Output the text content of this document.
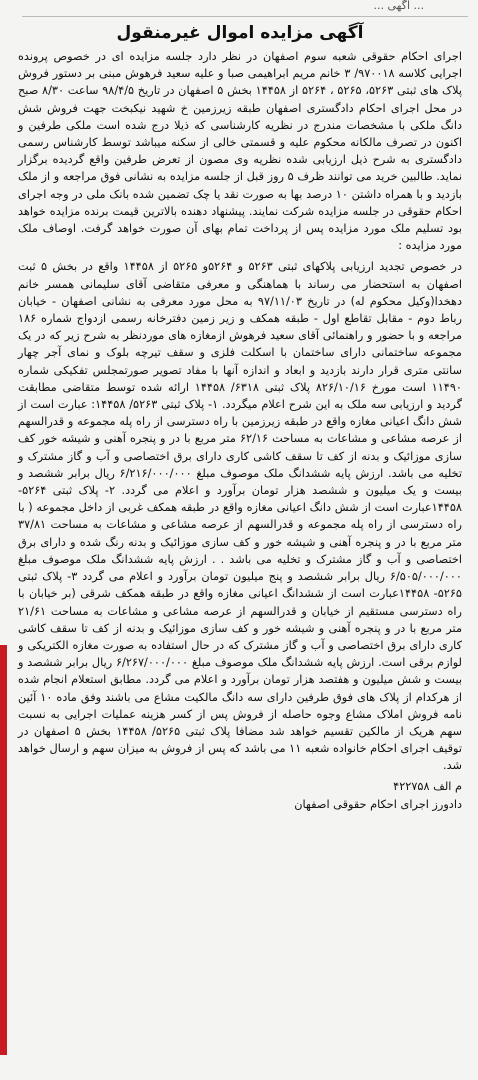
... آگهی ...
آگهی مزایده اموال غیرمنقول

اجرای احکام حقوقی شعبه سوم اصفهان در نظر دارد جلسه مزایده ای در خصوص پرونده اجرایی کلاسه ۹۷۰۰۱۸/ ۳ خانم مریم ابراهیمی صبا و علیه سعید فرهوش مبنی بر دستور فروش پلاک های ثبتی ۵۲۶۳، ۵۲۶۵ ، ۵۲۶۴ از ۱۴۴۵۸ بخش ۵ اصفهان در تاریخ ۹۸/۴/۵ ساعت ۸/۳۰ صبح در محل اجرای احکام دادگستری اصفهان طبقه زیرزمین خ شهید نیکبخت جهت فروش شش دانگ ملکی با مشخصات مندرج در نظریه کارشناسی که ذیلا درج شده است ملکی طرفین و اکنون در تصرف مالکانه محکوم علیه و قسمتی خالی از سکنه میباشد توسط کارشناس رسمی دادگستری به شرح ذیل ارزیابی شده نظریه وی مصون از تعرض طرفین واقع گردیده برگزار نماید. طالبین خرید می توانند ظرف ۵ روز قبل از جلسه مزایده به نشانی فوق مراجعه و از ملک بازدید و با همراه داشتن ۱۰ درصد بها به صورت نقد یا چک تضمین شده بانک ملی در وجه اجرای احکام حقوقی در جلسه مزایده شرکت نمایند. پیشنهاد دهنده بالاترین قیمت برنده مزایده خواهد بود تسلیم ملک مورد مزایده پس از پرداخت تمام بهای آن صورت خواهد گرفت. اوصاف ملک مورد مزایده :

در خصوص تجدید ارزیابی پلاکهای ثبتی ۵۲۶۳ و ۵۲۶۴و ۵۲۶۵ از ۱۴۴۵۸ واقع در بخش ۵ ثبت اصفهان به استحضار می رساند با هماهنگی و معرفی متقاضی آقای سلیمانی همسر خانم دهخدا(وکیل محکوم له) در تاریخ ۹۷/۱۱/۰۳ به محل مورد معرفی به نشانی اصفهان - خیابان رباط دوم - مقابل تقاطع اول - طبقه همکف و زیر زمین دفترخانه رسمی ازدواج شماره ۱۸۶ مراجعه و با حضور و راهنمائی آقای سعید فرهوش ازمغازه های موردنظر به شرح زیر که در یک مجموعه ساختمانی دارای ساختمان با اسکلت فلزی و سقف تیرچه بلوک و نمای آجر چهار سانتی متری قرار دارند بازدید و ابعاد و اندازه آنها با مفاد تصویر صورتمجلس تفکیکی شماره ۱۱۴۹۰ است مورخ ۸۲۶/۱۰/۱۶ پلاک ثبتی ۶۳۱۸/ ۱۴۴۵۸ ارائه شده توسط متقاضی مطابقت گردید و ارزیابی سه ملک به این شرح اعلام میگردد. ۱- پلاک ثبتی ۵۲۶۳/ ۱۴۴۵۸: عبارت است از شش دانگ اعیانی مغازه واقع در طبقه زیرزمین با راه دسترسی از راه پله مجموعه و قدرالسهم از عرصه مشاعی و مشاعات به مساحت ۶۲/۱۶ متر مربع با در و پنجره آهنی و شیشه خور کف سازی موزائیک و بدنه از کف تا سقف کاشی کاری دارای برق اختصاصی و آب و گاز مشترک و تخلیه می باشد. ارزش پایه ششدانگ ملک موصوف مبلغ ۶/۲۱۶/۰۰۰/۰۰۰ ریال برابر ششصد و بیست و یک میلیون و ششصد هزار تومان برآورد و اعلام می گردد. ۲- پلاک ثبتی ۵۲۶۴- ۱۴۴۵۸عبارت است از شش دانگ اعیانی مغازه واقع در طبقه همکف غربی از داخل مجموعه ( با راه دسترسی از راه پله مجموعه و قدرالسهم از عرصه مشاعی و مشاعات به مساحت ۳۷/۸۱ متر مربع با در و پنجره آهنی و شیشه خور و کف سازی موزائیک و بدنه رنگ شده و دارای برق اختصاصی و آب و گاز مشترک و تخلیه می باشد . . ارزش پایه ششدانگ ملک موصوف مبلغ ۶/۵۰۵/۰۰۰/۰۰۰ ریال برابر ششصد و پنج میلیون تومان برآورد و اعلام می گردد ۳- پلاک ثبتی ۵۲۶۵- ۱۴۴۵۸عبارت است از ششدانگ اعیانی مغازه واقع در طبقه همکف شرقی (بر خیابان با راه دسترسی مستقیم از خیابان و قدرالسهم از عرصه مشاعی و مشاعات به مساحت ۲۱/۶۱ متر مربع با در و پنجره آهنی و شیشه خور و کف سازی موزائیک و بدنه از کف تا سقف کاشی کاری دارای برق اختصاصی و آب و گاز مشترک که در حال استفاده به صورت مغازه الکتریکی و لوازم برقی است. ارزش پایه ششدانگ ملک موصوف مبلغ ۶/۲۶۷/۰۰۰/۰۰۰ ریال برابر ششصد و بیست و شش میلیون و هفتصد هزار تومان برآورد و اعلام می گردد. مطابق استعلام انجام شده از هرکدام از پلاک های فوق طرفین دارای سه دانگ مالکیت مشاع می باشند وفق ماده ۱۰ آئین نامه فروش املاک مشاع وجوه حاصله از فروش پس از کسر هزینه عملیات اجرایی به نسبت سهم هریک از مالکین تقسیم خواهد شد مضافا پلاک ثبتی ۵۲۶۵/ ۱۴۴۵۸ بخش ۵ اصفهان در توقیف اجرای احکام خانواده شعبه ۱۱ می باشد که پس از فروش به میزان سهم و ارسال خواهد شد.

م الف ۴۲۲۷۵۸

دادورز اجرای احکام حقوقی اصفهان
